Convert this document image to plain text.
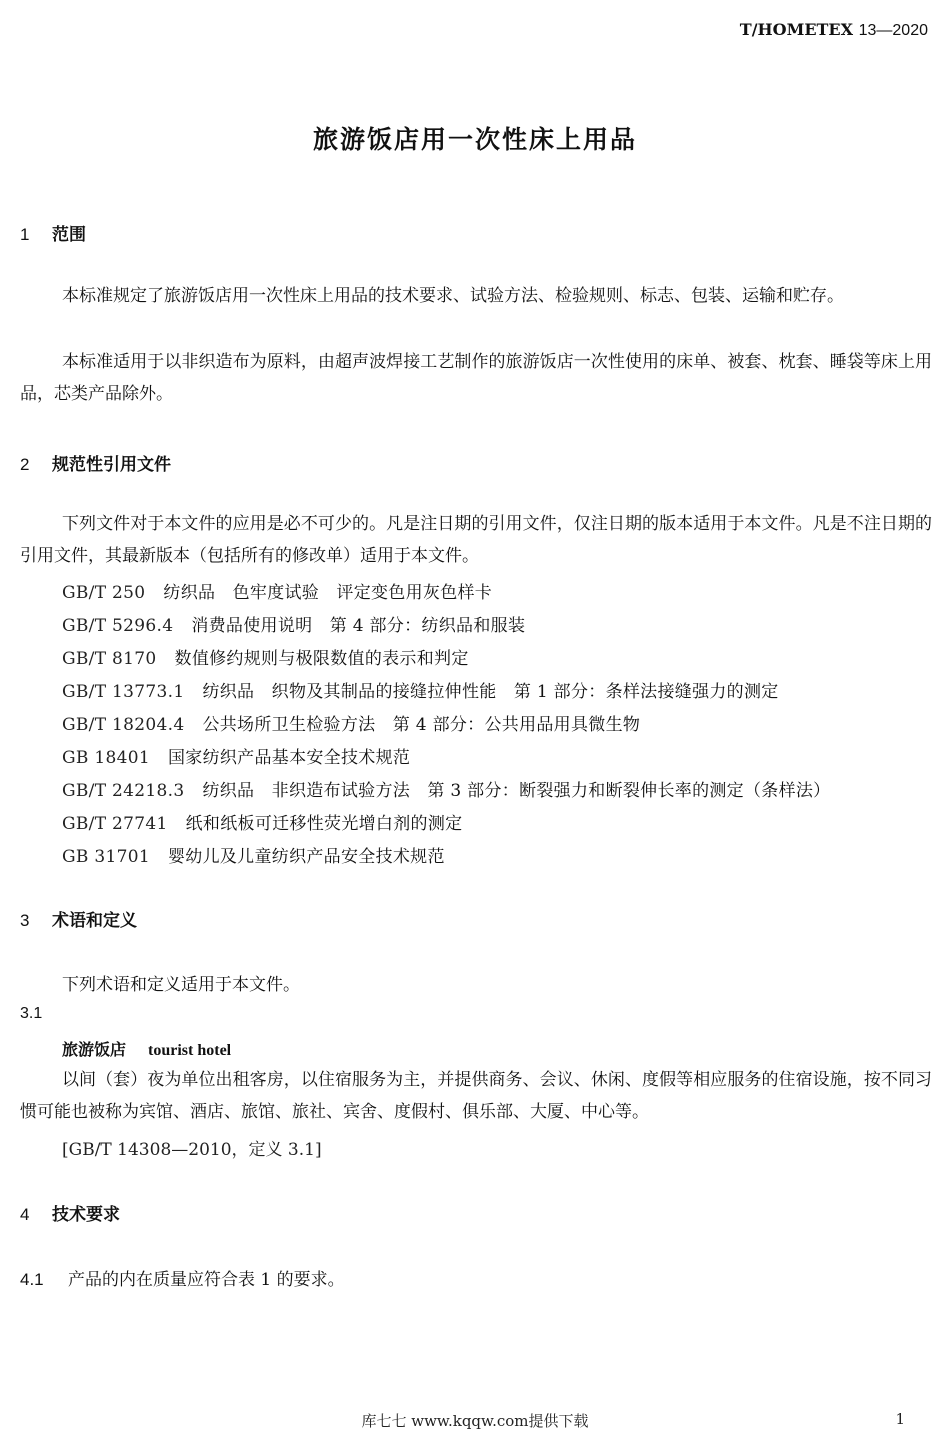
T/HOMETEX 13—2020
旅游饭店用一次性床上用品
1 范围
本标准规定了旅游饭店用一次性床上用品的技术要求、试验方法、检验规则、标志、包装、运输和贮存。
本标准适用于以非织造布为原料，由超声波焊接工艺制作的旅游饭店一次性使用的床单、被套、枕套、睡袋等床上用品，芯类产品除外。
2 规范性引用文件
下列文件对于本文件的应用是必不可少的。凡是注日期的引用文件，仅注日期的版本适用于本文件。凡是不注日期的引用文件，其最新版本（包括所有的修改单）适用于本文件。
GB/T 250 纺织品　色牢度试验　评定变色用灰色样卡
GB/T 5296.4 消费品使用说明　第 4 部分：纺织品和服装
GB/T 8170 数值修约规则与极限数值的表示和判定
GB/T 13773.1 纺织品　织物及其制品的接缝拉伸性能　第 1 部分：条样法接缝强力的测定
GB/T 18204.4 公共场所卫生检验方法　第 4 部分：公共用品用具微生物
GB 18401 国家纺织产品基本安全技术规范
GB/T 24218.3 纺织品　非织造布试验方法　第 3 部分：断裂强力和断裂伸长率的测定（条样法）
GB/T 27741 纸和纸板可迁移性荧光增白剂的测定
GB 31701 婴幼儿及儿童纺织产品安全技术规范
3 术语和定义
下列术语和定义适用于本文件。
3.1
旅游饭店 tourist hotel
以间（套）夜为单位出租客房，以住宿服务为主，并提供商务、会议、休闲、度假等相应服务的住宿设施，按不同习惯可能也被称为宾馆、酒店、旅馆、旅社、宾舍、度假村、俱乐部、大厦、中心等。
[GB/T 14308—2010，定义 3.1]
4 技术要求
4.1 产品的内在质量应符合表 1 的要求。
库七七 www.kqqw.com提供下载	1
